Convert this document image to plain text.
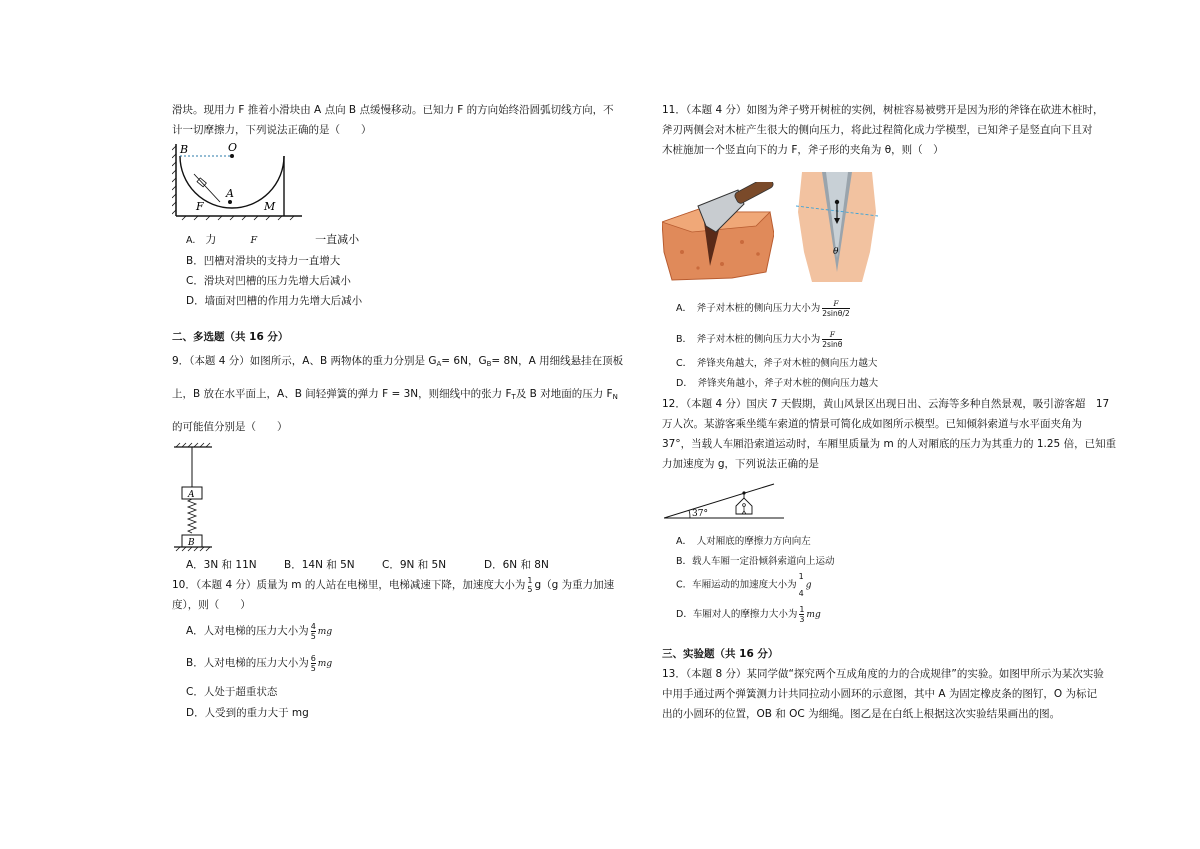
滑块。现用力 F 推着小滑块由 A 点向 B 点缓慢移动。已知力 F 的方向始终沿圆弧切线方向，不
计一切摩擦力，下列说法正确的是（　　）
B	O
A
F	M
A. 力	F	一直减小
B．凹槽对滑块的支持力一直增大
C．滑块对凹槽的压力先增大后减小
D．墙面对凹槽的作用力先增大后减小
二、多选题（共 16 分）
9．（本题 4 分）如图所示，A、B 两物体的重力分别是 $G_A= 6N$，$G_B= 8N$，A 用细线悬挂在顶板
上，B 放在水平面上，A、B 间轻弹簧的弹力 F = 3N，则细线中的张力 $F_T$及 B 对地面的压力 $F_N$
的可能值分别是（　　）
A
B
A．3N 和 11N	B．14N 和 5N	C．9N 和 5N	D．6N 和 8N
10．（本题 4 分）质量为 m 的人站在电梯里，电梯减速下降，加速度大小为 1
5 g（g 为重力加速
度），则（　　）
A．人对电梯的压力大小为 $\frac{4}{5}$ mg
B．人对电梯的压力大小为 $\frac{6}{5}$ mg
C．人处于超重状态
D．人受到的重力大于 mg
11．（本题 4 分）如图为斧子劈开树桩的实例，树桩容易被劈开是因为形的斧锋在砍进木桩时，
斧刃两侧会对木桩产生很大的侧向压力，将此过程简化成力学模型，已知斧子是竖直向下且对
木桩施加一个竖直向下的力 F，斧子形的夹角为 θ，则（　）
θ
A．　斧子对木桩的侧向压力大小为 $\frac{F}{2\sin\theta/2}$
B．　斧子对木桩的侧向压力大小为 $\frac{F}{2\sin\theta}$
C．　斧锋夹角越大，斧子对木桩的侧向压力越大
D．　斧锋夹角越小，斧子对木桩的侧向压力越大
12．（本题 4 分）国庆 7 天假期，黄山风景区出现日出、云海等多种自然景观，吸引游客超　17
万人次。某游客乘坐缆车索道的情景可简化成如图所示模型。已知倾斜索道与水平面夹角为
37°，当载人车厢沿索道运动时，车厢里质量为 m 的人对厢底的压力为其重力的 1.25 倍，已知重
力加速度为 g，下列说法正确的是
37°
A．　人对厢底的摩擦力方向向左
B．载人车厢一定沿倾斜索道向上运动
C．车厢运动的加速度大小为
1
4
g
D．车厢对人的摩擦力大小为 $\frac{1}{3}$ mg
三、实验题（共 16 分）
13．（本题 8 分）某同学做“探究两个互成角度的力的合成规律”的实验。如图甲所示为某次实验
中用手通过两个弹簧测力计共同拉动小圆环的示意图，其中 A 为固定橡皮条的图钉，O 为标记
出的小圆环的位置，OB 和 OC 为细绳。图乙是在白纸上根据这次实验结果画出的图。
